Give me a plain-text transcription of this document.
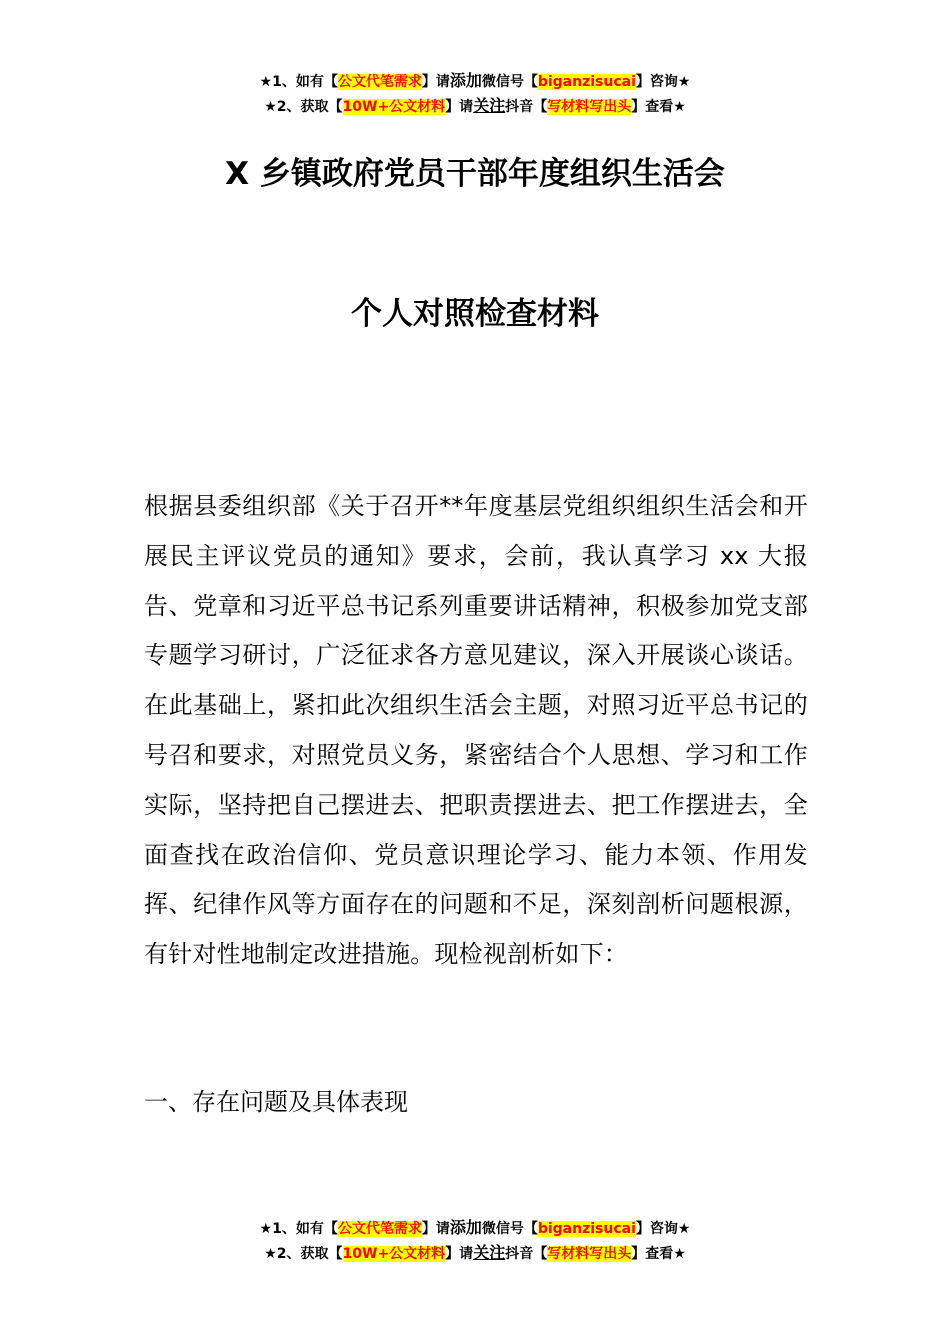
★1、如有【公文代笔需求】请添加微信号【biganzisucai】咨询★
★2、获取【10W+公文材料】请关注抖音【写材料写出头】查看★
X 乡镇政府党员干部年度组织生活会
个人对照检查材料

根据县委组织部《关于召开**年度基层党组织组织生活会和开展民主评议党员的通知》要求，会前，我认真学习 xx 大报告、党章和习近平总书记系列重要讲话精神，积极参加党支部专题学习研讨，广泛征求各方意见建议，深入开展谈心谈话。在此基础上，紧扣此次组织生活会主题，对照习近平总书记的号召和要求，对照党员义务，紧密结合个人思想、学习和工作实际，坚持把自己摆进去、把职责摆进去、把工作摆进去，全面查找在政治信仰、党员意识理论学习、能力本领、作用发挥、纪律作风等方面存在的问题和不足，深刻剖析问题根源，有针对性地制定改进措施。现检视剖析如下：

一、存在问题及具体表现

★1、如有【公文代笔需求】请添加微信号【biganzisucai】咨询★
★2、获取【10W+公文材料】请关注抖音【写材料写出头】查看★
